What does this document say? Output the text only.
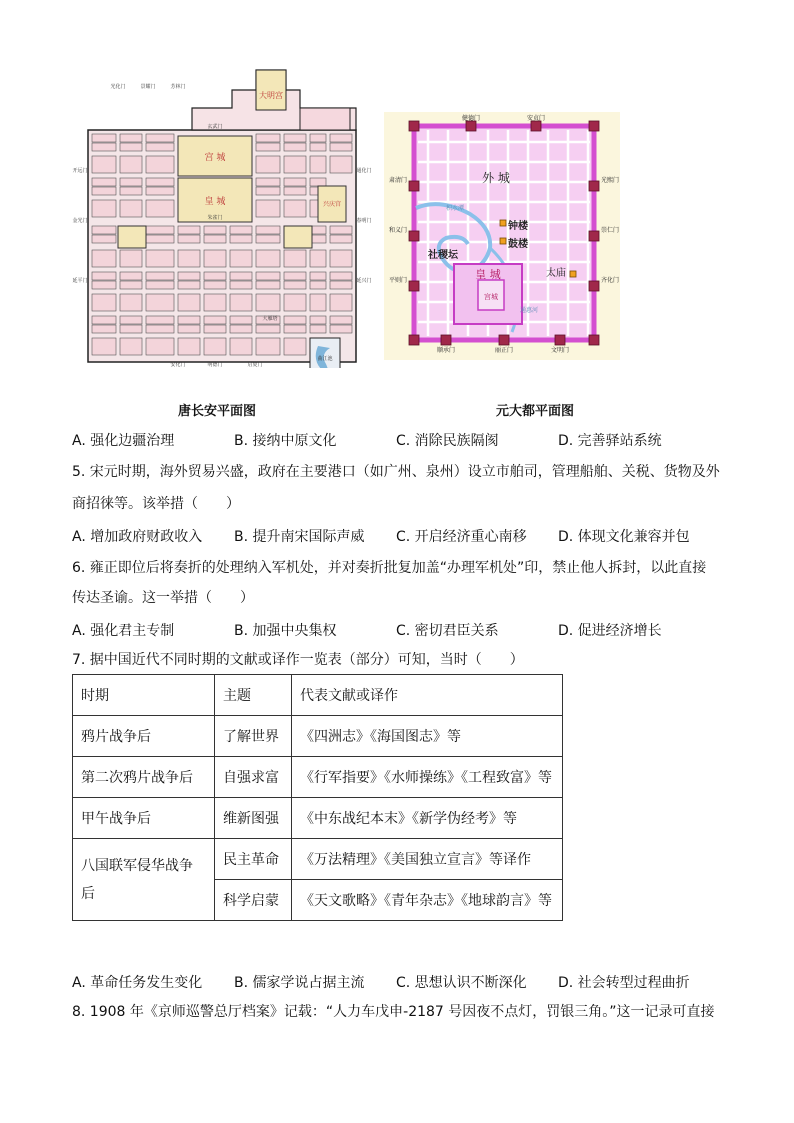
大明宫
宫 城
皇 城	兴庆宫
朱雀门
玄武门
大雁塔
曲江池
光化门	景耀门	芳林门
开远门
金光门
延平门
通化门
春明门
延兴门
安化门	明德门	启夏门
外 城
钟楼
鼓楼
社稷坛
皇 城
宫城
太庙
积水潭
通惠河
健德门	安贞门
肃清门
和义门
平则门
光熙门
崇仁门
齐化门
顺承门	丽正门	文明门
唐长安平面图	元大都平面图
A. 强化边疆治理	B. 接纳中原文化	C. 消除民族隔阂	D. 完善驿站系统
5. 宋元时期，海外贸易兴盛，政府在主要港口（如广州、泉州）设立市舶司，管理船舶、关税、货物及外
商招徕等。该举措（　　）
A. 增加政府财政收入 B. 提升南宋国际声威 C. 开启经济重心南移 D. 体现文化兼容并包
6. 雍正即位后将奏折的处理纳入军机处，并对奏折批复加盖“办理军机处”印，禁止他人拆封，以此直接
传达圣谕。这一举措（　　）
A. 强化君主专制	B. 加强中央集权	C. 密切君臣关系	D. 促进经济增长
7. 据中国近代不同时期的文献或译作一览表（部分）可知，当时（　　）
时期	主题	代表文献或译作
鸦片战争后	了解世界	《四洲志》《海国图志》等
第二次鸦片战争后	自强求富	《行军指要》《水师操练》《工程致富》等
甲午战争后	维新图强	《中东战纪本末》《新学伪经考》等
八国联军侵华战争后	民主革命	《万法精理》《美国独立宣言》等译作
	科学启蒙	《天文歌略》《青年杂志》《地球韵言》等
A. 革命任务发生变化 B. 儒家学说占据主流 C. 思想认识不断深化 D. 社会转型过程曲折
8. 1908 年《京师巡警总厅档案》记载：“人力车戊申-2187 号因夜不点灯，罚银三角。”这一记录可直接
